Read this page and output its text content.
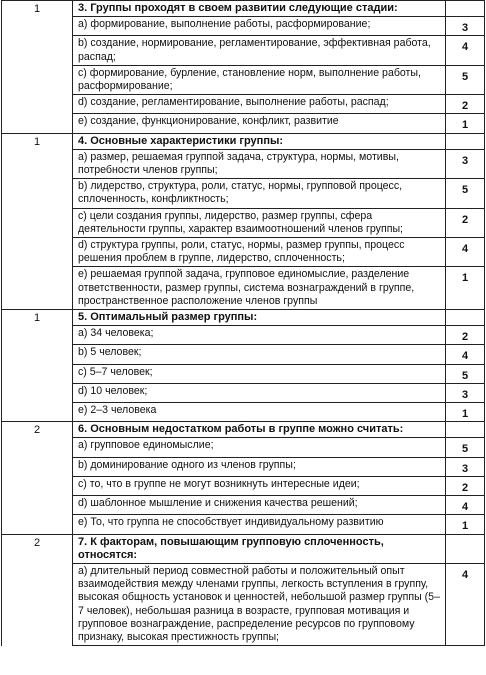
1	3. Группы проходят в своем развитии следующие стадии:	
	a) формирование, выполнение работы, расформирование;	3
	b) создание, нормирование, регламентирование, эффективная работа, распад;	4
	c) формирование, бурление, становление норм, выполнение работы, расформирование;	5
	d) создание, регламентирование, выполнение работы, распад;	2
	e) создание, функционирование, конфликт, развитие	1
1	4. Основные характеристики группы:	
	a) размер, решаемая группой задача, структура, нормы, мотивы, потребности членов группы;	3
	b) лидерство, структура, роли, статус, нормы, групповой процесс, сплоченность, конфликтность;	5
	c) цели создания группы, лидерство, размер группы, сфера деятельности группы, характер взаимоотношений членов группы;	2
	d) структура группы, роли, статус, нормы, размер группы, процесс решения проблем в группе, лидерство, сплоченность;	4
	e) решаемая группой задача, групповое единомыслие, разделение ответственности, размер группы, система вознаграждений в группе, пространственное расположение членов группы	1
1	5. Оптимальный размер группы:	
	a) 34 человека;	2
	b) 5 человек;	4
	c) 5–7 человек;	5
	d) 10 человек;	3
	e) 2–3 человека	1
2	6. Основным недостатком работы в группе можно считать:	
	a) групповое единомыслие;	5
	b) доминирование одного из членов группы;	3
	c) то, что в группе не могут возникнуть интересные идеи;	2
	d) шаблонное мышление и снижения качества решений;	4
	e) То, что группа не способствует индивидуальному развитию	1
2	7. К факторам, повышающим групповую сплоченность, относятся:	
	a) длительный период совместной работы и положительный опыт взаимодействия между членами группы, легкость вступления в группу, высокая общность установок и ценностей, небольшой размер группы (5–7 человек), небольшая разница в возрасте, групповая мотивация и групповое вознаграждение, распределение ресурсов по групповому признаку, высокая престижность группы;	4
